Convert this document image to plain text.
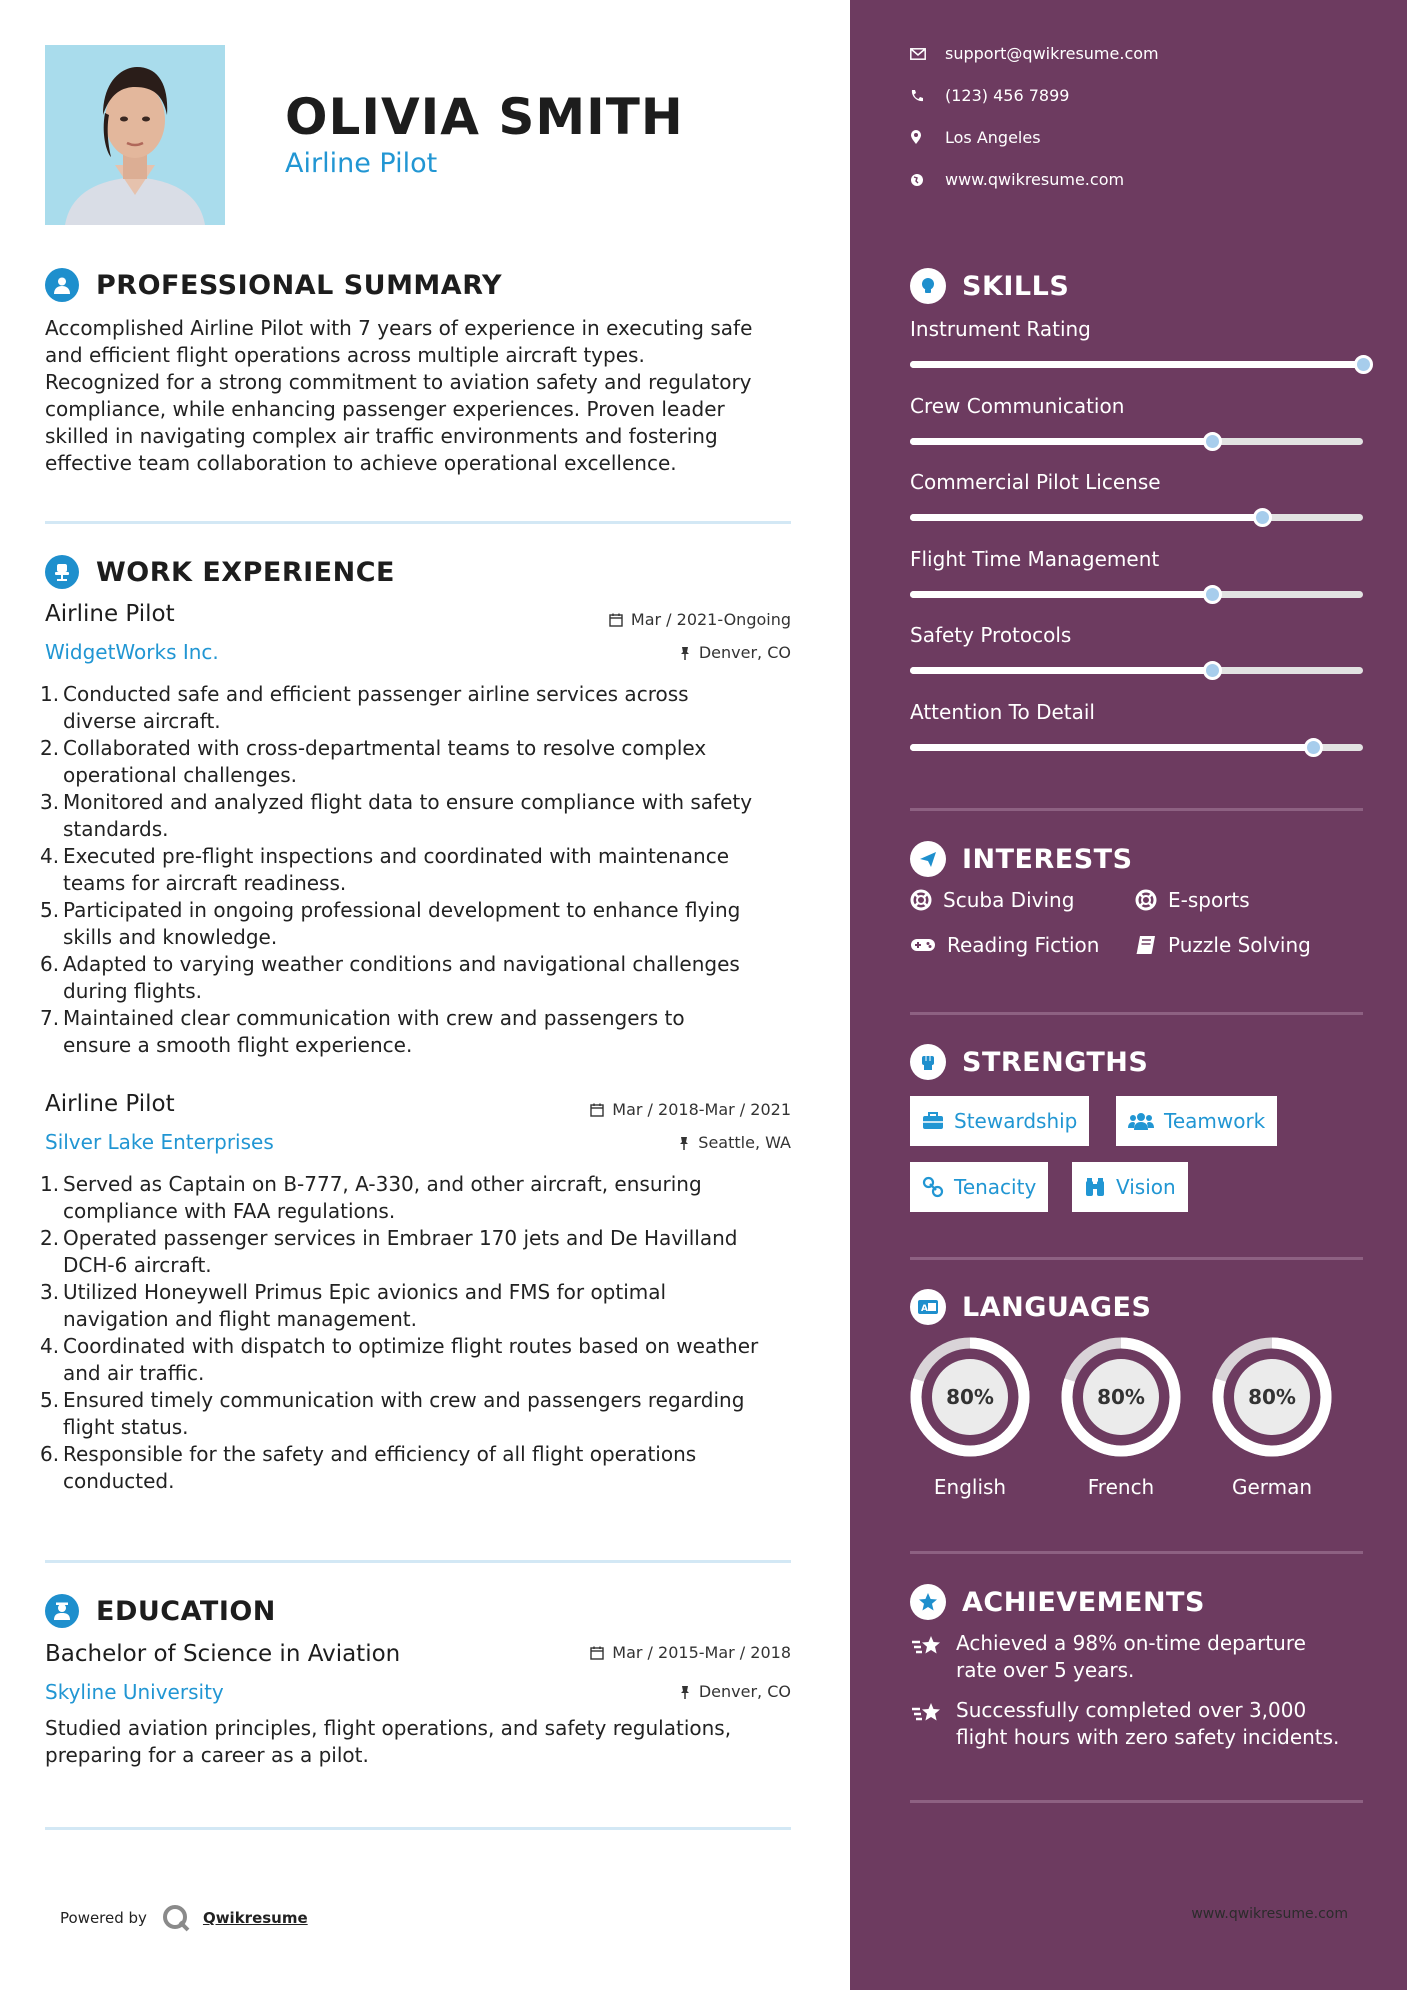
OLIVIA SMITH
Airline Pilot
PROFESSIONAL SUMMARY
Accomplished Airline Pilot with 7 years of experience in executing safe
and efficient flight operations across multiple aircraft types.
Recognized for a strong commitment to aviation safety and regulatory
compliance, while enhancing passenger experiences. Proven leader
skilled in navigating complex air traffic environments and fostering
effective team collaboration to achieve operational excellence.
WORK EXPERIENCE
Airline Pilot
WidgetWorks Inc.
Mar / 2021-Ongoing
Denver, CO
1. Conducted safe and efficient passenger airline services across
diverse aircraft.
2. Collaborated with cross-departmental teams to resolve complex
operational challenges.
3. Monitored and analyzed flight data to ensure compliance with safety
standards.
4. Executed pre-flight inspections and coordinated with maintenance
teams for aircraft readiness.
5. Participated in ongoing professional development to enhance flying
skills and knowledge.
6. Adapted to varying weather conditions and navigational challenges
during flights.
7. Maintained clear communication with crew and passengers to
ensure a smooth flight experience.
Airline Pilot
Silver Lake Enterprises
Mar / 2018-Mar / 2021
Seattle, WA
1. Served as Captain on B-777, A-330, and other aircraft, ensuring
compliance with FAA regulations.
2. Operated passenger services in Embraer 170 jets and De Havilland
DCH-6 aircraft.
3. Utilized Honeywell Primus Epic avionics and FMS for optimal
navigation and flight management.
4. Coordinated with dispatch to optimize flight routes based on weather
and air traffic.
5. Ensured timely communication with crew and passengers regarding
flight status.
6. Responsible for the safety and efficiency of all flight operations
conducted.
EDUCATION
Bachelor of Science in Aviation
Skyline University
Mar / 2015-Mar / 2018
Denver, CO
Studied aviation principles, flight operations, and safety regulations,
preparing for a career as a pilot.
Powered by	Qwikresume
support@qwikresume.com
(123) 456 7899
Los Angeles
www.qwikresume.com
SKILLS
Instrument Rating
Crew Communication
Commercial Pilot License
Flight Time Management
Safety Protocols
Attention To Detail
INTERESTS
Scuba Diving	E-sports
Reading Fiction	Puzzle Solving
STRENGTHS
Stewardship	Teamwork
Tenacity	Vision
A LANGUAGES
80%
English
80%
French
80%
German
ACHIEVEMENTS
Achieved a 98% on-time departure
rate over 5 years.
Successfully completed over 3,000
flight hours with zero safety incidents.
www.qwikresume.com
